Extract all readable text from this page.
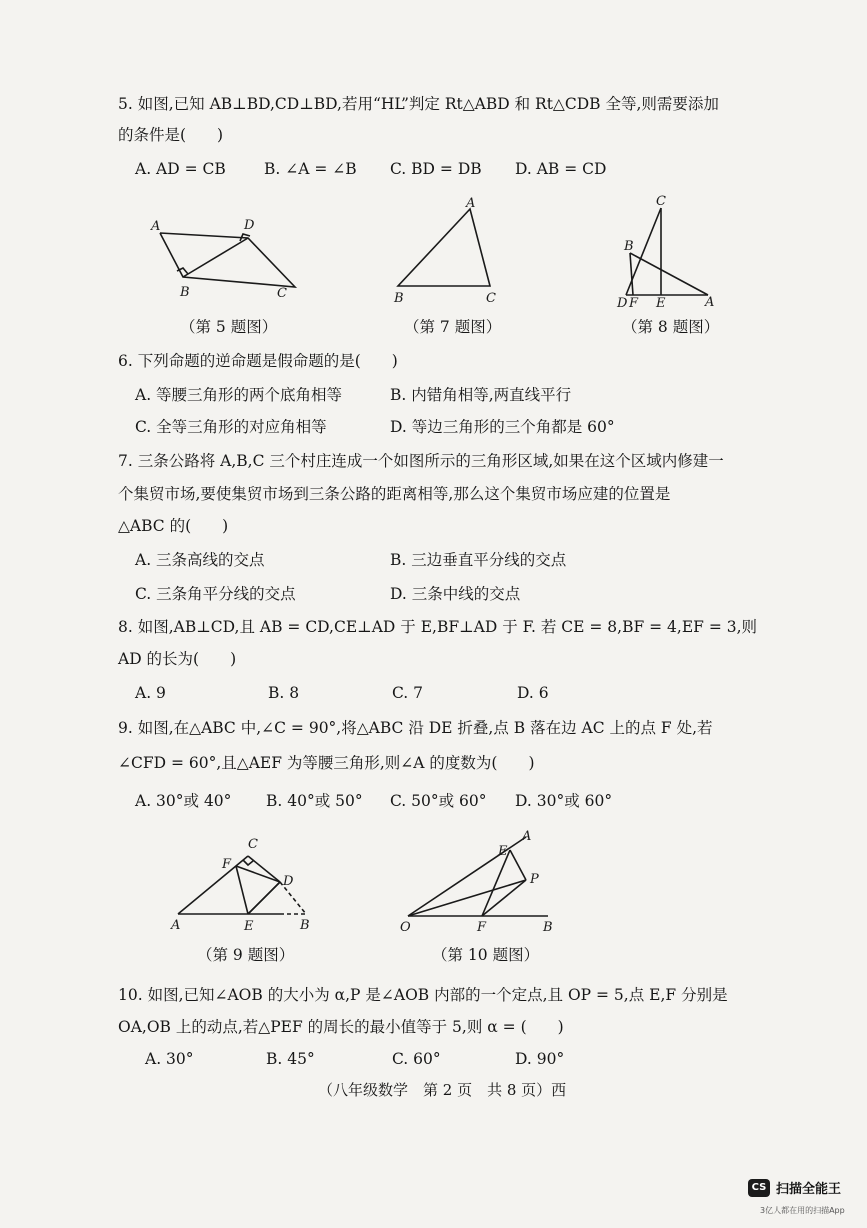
5. 如图,已知 AB⊥BD,CD⊥BD,若用“HL”判定 Rt△ABD 和 Rt△CDB 全等,则需要添加
的条件是(　　)
A. AD = CB B. ∠A = ∠B C. BD = DB D. AB = CD
A	D
B	C
（第 5 题图）
A
B	C
（第 7 题图）
C
B
D F E	A
（第 8 题图）
6. 下列命题的逆命题是假命题的是(　　)
A. 等腰三角形的两个底角相等	B. 内错角相等,两直线平行
C. 全等三角形的对应角相等	D. 等边三角形的三个角都是 60°
7. 三条公路将 A,B,C 三个村庄连成一个如图所示的三角形区域,如果在这个区域内修建一
个集贸市场,要使集贸市场到三条公路的距离相等,那么这个集贸市场应建的位置是
△ABC 的(　　)
A. 三条高线的交点	B. 三边垂直平分线的交点
C. 三条角平分线的交点	D. 三条中线的交点
8. 如图,AB⊥CD,且 AB = CD,CE⊥AD 于 E,BF⊥AD 于 F. 若 CE = 8,BF = 4,EF = 3,则
AD 的长为(　　)
A. 9	B. 8	C. 7	D. 6
9. 如图,在△ABC 中,∠C = 90°,将△ABC 沿 DE 折叠,点 B 落在边 AC 上的点 F 处,若
∠CFD = 60°,且△AEF 为等腰三角形,则∠A 的度数为(　　)
A. 30°或 40° B. 40°或 50° C. 50°或 60° D. 30°或 60°
C
F
D
A	E	B
（第 9 题图）
A
E
P
O	F	B
（第 10 题图）
10. 如图,已知∠AOB 的大小为 α,P 是∠AOB 内部的一个定点,且 OP = 5,点 E,F 分别是
OA,OB 上的动点,若△PEF 的周长的最小值等于 5,则 α = (　　)
A. 30°	B. 45°	C. 60°	D. 90°
（八年级数学　第 2 页　共 8 页）西
CS 扫描全能王
3亿人都在用的扫描App
